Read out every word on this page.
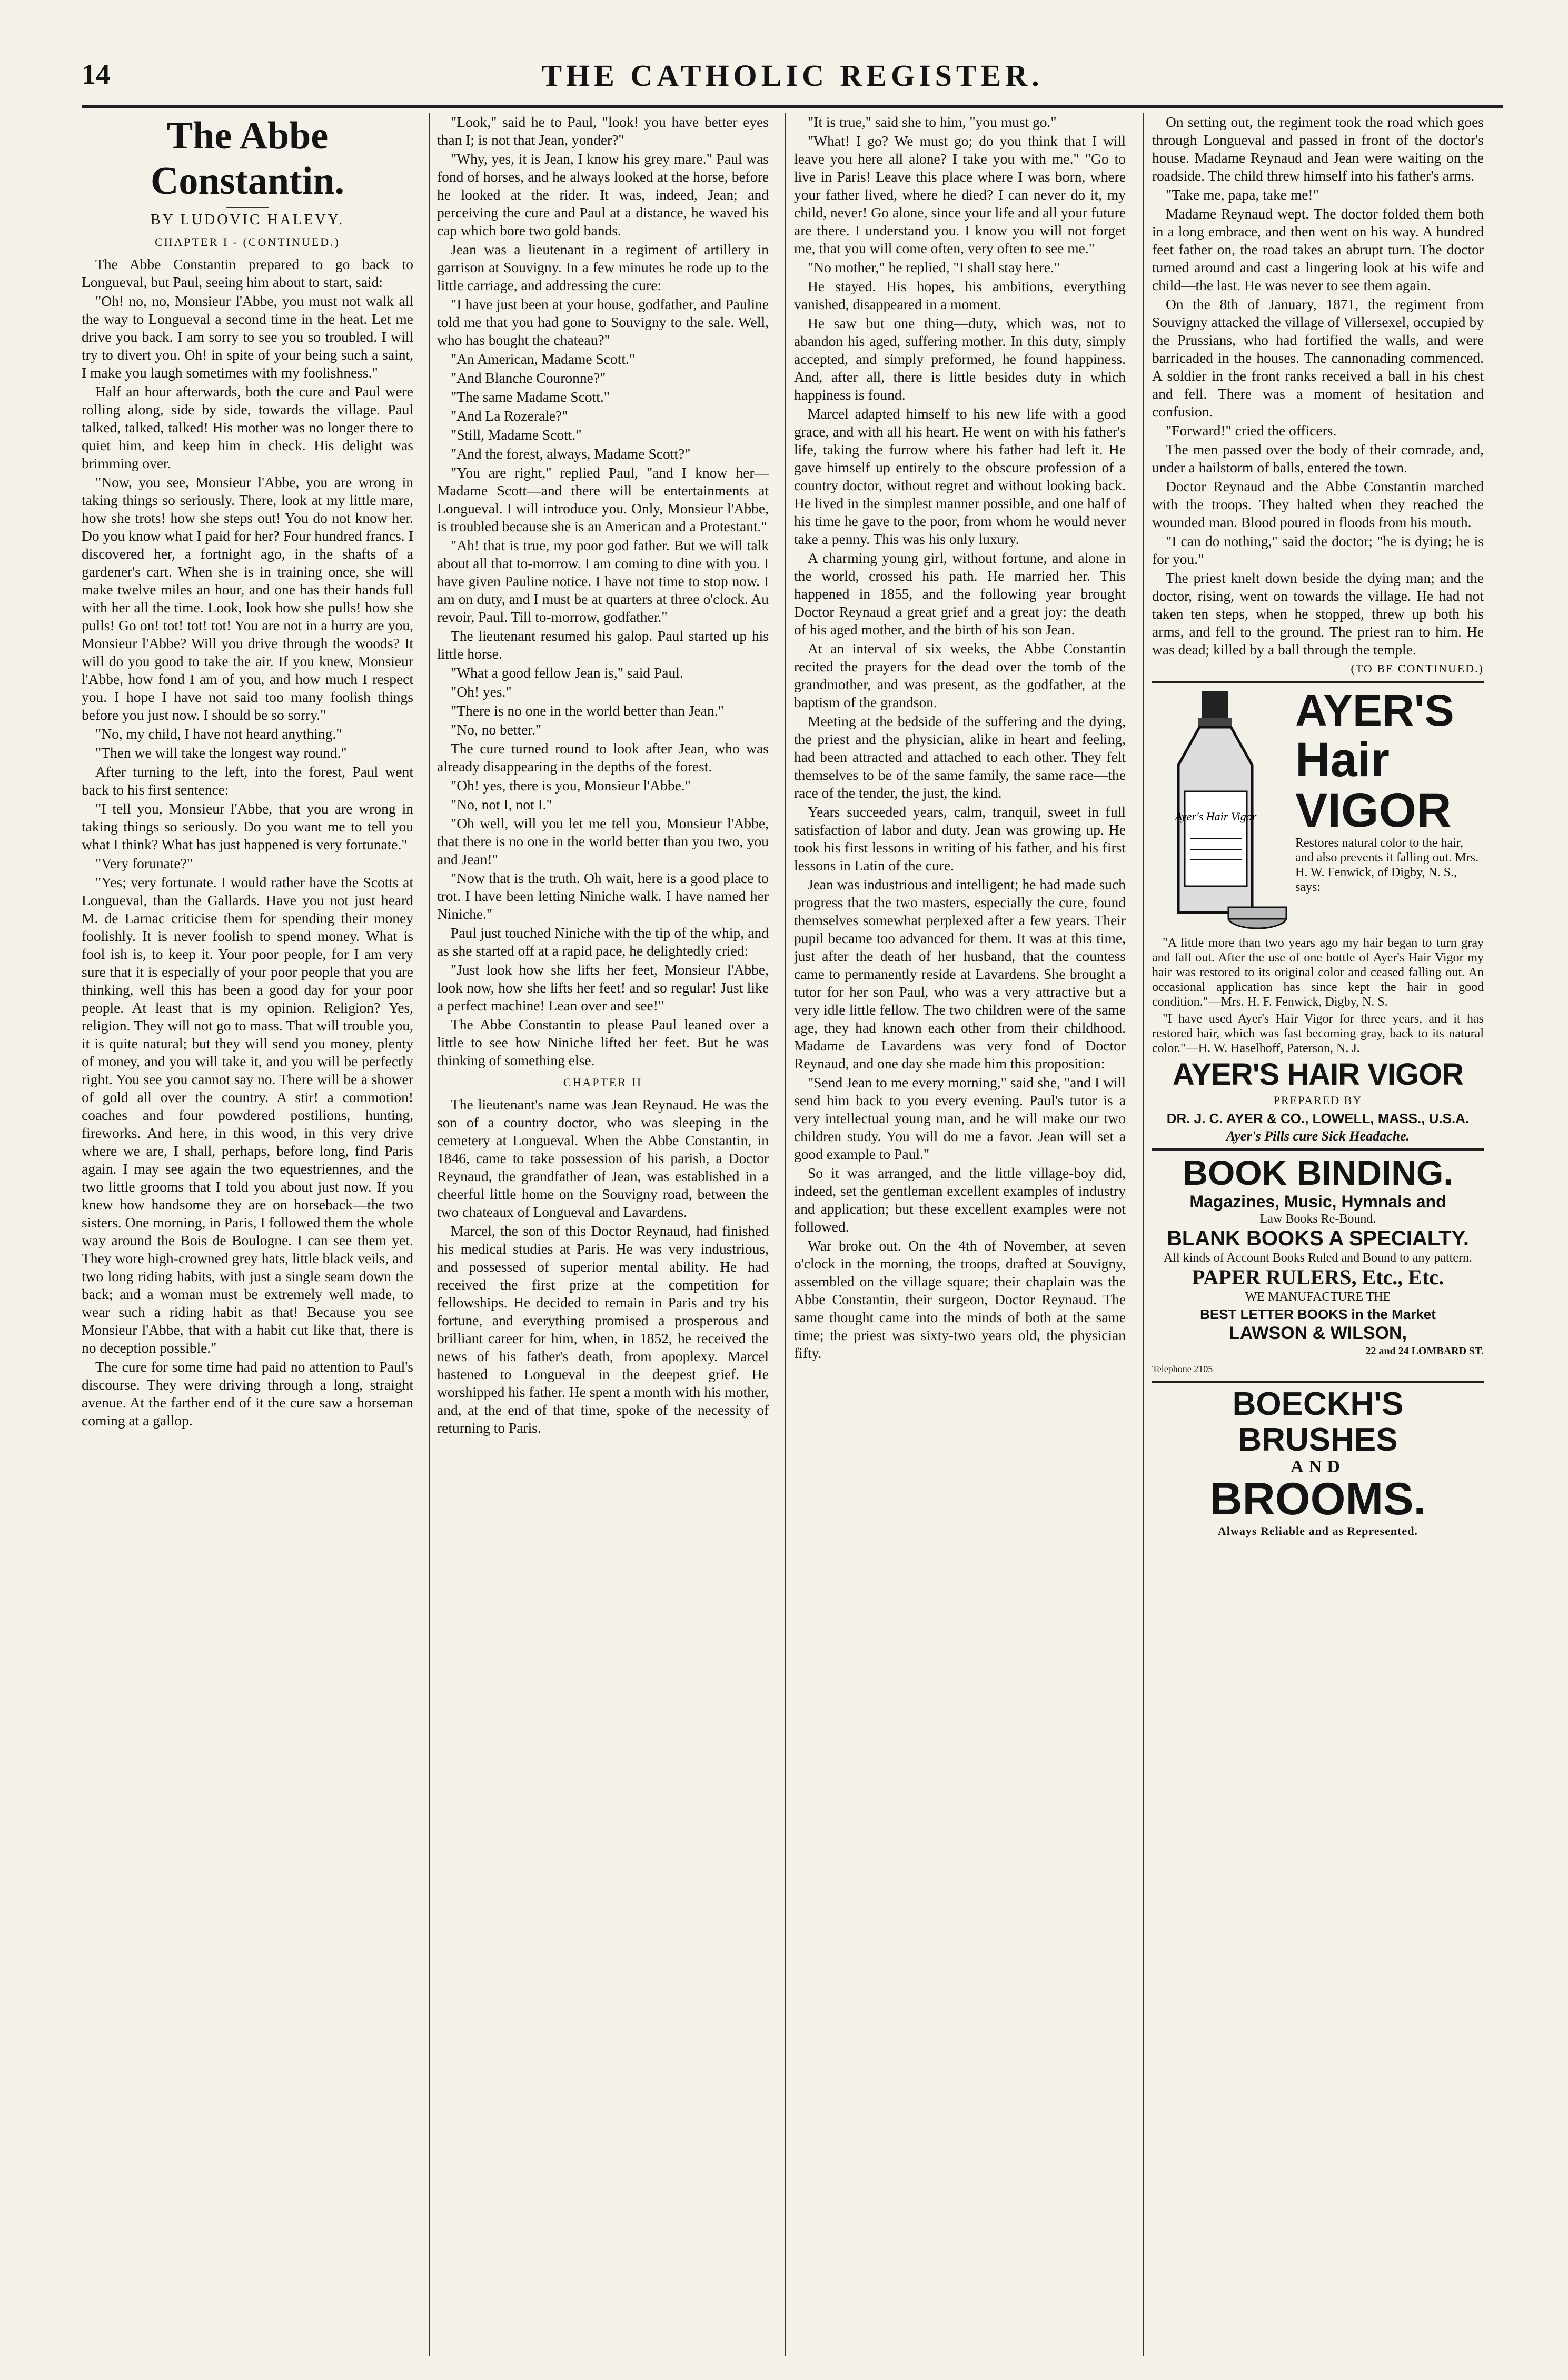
14	THE CATHOLIC REGISTER.
The Abbe Constantin.
BY LUDOVIC HALEVY.
CHAPTER I - (CONTINUED.)

The Abbe Constantin prepared to go back to Longueval, but Paul, seeing him about to start, said:

"Oh! no, no, Monsieur l'Abbe, you must not walk all the way to Longueval a second time in the heat. Let me drive you back. I am sorry to see you so troubled. I will try to divert you. Oh! in spite of your being such a saint, I make you laugh sometimes with my foolishness."

Half an hour afterwards, both the cure and Paul were rolling along, side by side, towards the village. Paul talked, talked, talked! His mother was no longer there to quiet him, and keep him in check. His delight was brimming over.

"Now, you see, Monsieur l'Abbe, you are wrong in taking things so seriously. There, look at my little mare, how she trots! how she steps out! You do not know her. Do you know what I paid for her? Four hundred francs. I discovered her, a fortnight ago, in the shafts of a gardener's cart. When she is in training once, she will make twelve miles an hour, and one has their hands full with her all the time. Look, look how she pulls! how she pulls! Go on! tot! tot! tot! You are not in a hurry are you, Monsieur l'Abbe? Will you drive through the woods? It will do you good to take the air. If you knew, Monsieur l'Abbe, how fond I am of you, and how much I respect you. I hope I have not said too many foolish things before you just now. I should be so sorry."

"No, my child, I have not heard anything."

"Then we will take the longest way round."

After turning to the left, into the forest, Paul went back to his first sentence:

"I tell you, Monsieur l'Abbe, that you are wrong in taking things so seriously. Do you want me to tell you what I think? What has just happened is very fortunate."

"Very forunate?"

"Yes; very fortunate. I would rather have the Scotts at Longueval, than the Gallards. Have you not just heard M. de Larnac criticise them for spending their money foolishly. It is never foolish to spend money. What is fool ish is, to keep it. Your poor people, for I am very sure that it is especially of your poor people that you are thinking, well this has been a good day for your poor people. At least that is my opinion. Religion? Yes, religion. They will not go to mass. That will trouble you, it is quite natural; but they will send you money, plenty of money, and you will take it, and you will be perfectly right. You see you cannot say no. There will be a shower of gold all over the country. A stir! a commotion! coaches and four powdered postilions, hunting, fireworks. And here, in this wood, in this very drive where we are, I shall, perhaps, before long, find Paris again. I may see again the two equestriennes, and the two little grooms that I told you about just now. If you knew how handsome they are on horseback—the two sisters. One morning, in Paris, I followed them the whole way around the Bois de Boulogne. I can see them yet. They wore high-crowned grey hats, little black veils, and two long riding habits, with just a single seam down the back; and a woman must be extremely well made, to wear such a riding habit as that! Because you see Monsieur l'Abbe, that with a habit cut like that, there is no deception possible."

The cure for some time had paid no attention to Paul's discourse. They were driving through a long, straight avenue. At the farther end of it the cure saw a horseman coming at a gallop.

"Look," said he to Paul, "look! you have better eyes than I; is not that Jean, yonder?"

"Why, yes, it is Jean, I know his grey mare." Paul was fond of horses, and he always looked at the horse, before he looked at the rider. It was, indeed, Jean; and perceiving the cure and Paul at a distance, he waved his cap which bore two gold bands.

Jean was a lieutenant in a regiment of artillery in garrison at Souvigny. In a few minutes he rode up to the little carriage, and addressing the cure:

"I have just been at your house, godfather, and Pauline told me that you had gone to Souvigny to the sale. Well, who has bought the chateau?"

"An American, Madame Scott."

"And Blanche Couronne?"

"The same Madame Scott."

"And La Rozerale?"

"Still, Madame Scott."

"And the forest, always, Madame Scott?"

"You are right," replied Paul, "and I know her—Madame Scott—and there will be entertainments at Longueval. I will introduce you. Only, Monsieur l'Abbe, is troubled because she is an American and a Protestant."

"Ah! that is true, my poor god father. But we will talk about all that to-morrow. I am coming to dine with you. I have given Pauline notice. I have not time to stop now. I am on duty, and I must be at quarters at three o'clock. Au revoir, Paul. Till to-morrow, godfather."

The lieutenant resumed his galop. Paul started up his little horse.

"What a good fellow Jean is," said Paul.

"Oh! yes."

"There is no one in the world better than Jean."

"No, no better."

The cure turned round to look after Jean, who was already disappearing in the depths of the forest.

"Oh! yes, there is you, Monsieur l'Abbe."

"No, not I, not I."

"Oh well, will you let me tell you, Monsieur l'Abbe, that there is no one in the world better than you two, you and Jean!"

"Now that is the truth. Oh wait, here is a good place to trot. I have been letting Niniche walk. I have named her Niniche."

Paul just touched Niniche with the tip of the whip, and as she started off at a rapid pace, he delightedly cried:

"Just look how she lifts her feet, Monsieur l'Abbe, look now, how she lifts her feet! and so regular! Just like a perfect machine! Lean over and see!"

The Abbe Constantin to please Paul leaned over a little to see how Niniche lifted her feet. But he was thinking of something else.

CHAPTER II

The lieutenant's name was Jean Reynaud. He was the son of a country doctor, who was sleeping in the cemetery at Longueval. When the Abbe Constantin, in 1846, came to take possession of his parish, a Doctor Reynaud, the grandfather of Jean, was established in a cheerful little home on the Souvigny road, between the two chateaux of Longueval and Lavardens.

Marcel, the son of this Doctor Reynaud, had finished his medical studies at Paris. He was very industrious, and possessed of superior mental ability. He had received the first prize at the competition for fellowships. He decided to remain in Paris and try his fortune, and everything promised a prosperous and brilliant career for him, when, in 1852, he received the news of his father's death, from apoplexy. Marcel hastened to Longueval in the deepest grief. He worshipped his father. He spent a month with his mother, and, at the end of that time, spoke of the necessity of returning to Paris.

"It is true," said she to him, "you must go."

"What! I go? We must go; do you think that I will leave you here all alone? I take you with me." "Go to live in Paris! Leave this place where I was born, where your father lived, where he died? I can never do it, my child, never! Go alone, since your life and all your future are there. I understand you. I know you will not forget me, that you will come often, very often to see me."

"No mother," he replied, "I shall stay here."

He stayed. His hopes, his ambitions, everything vanished, disappeared in a moment.

He saw but one thing—duty, which was, not to abandon his aged, suffering mother. In this duty, simply accepted, and simply preformed, he found happiness. And, after all, there is little besides duty in which happiness is found.

Marcel adapted himself to his new life with a good grace, and with all his heart. He went on with his father's life, taking the furrow where his father had left it. He gave himself up entirely to the obscure profession of a country doctor, without regret and without looking back. He lived in the simplest manner possible, and one half of his time he gave to the poor, from whom he would never take a penny. This was his only luxury.

A charming young girl, without fortune, and alone in the world, crossed his path. He married her. This happened in 1855, and the following year brought Doctor Reynaud a great grief and a great joy: the death of his aged mother, and the birth of his son Jean.

At an interval of six weeks, the Abbe Constantin recited the prayers for the dead over the tomb of the grandmother, and was present, as the godfather, at the baptism of the grandson.

Meeting at the bedside of the suffering and the dying, the priest and the physician, alike in heart and feeling, had been attracted and attached to each other. They felt themselves to be of the same family, the same race—the race of the tender, the just, the kind.

Years succeeded years, calm, tranquil, sweet in full satisfaction of labor and duty. Jean was growing up. He took his first lessons in writing of his father, and his first lessons in Latin of the cure.

Jean was industrious and intelligent; he had made such progress that the two masters, especially the cure, found themselves somewhat perplexed after a few years. Their pupil became too advanced for them. It was at this time, just after the death of her husband, that the countess came to permanently reside at Lavardens. She brought a tutor for her son Paul, who was a very attractive but a very idle little fellow. The two children were of the same age, they had known each other from their childhood. Madame de Lavardens was very fond of Doctor Reynaud, and one day she made him this proposition:

"Send Jean to me every morning," said she, "and I will send him back to you every evening. Paul's tutor is a very intellectual young man, and he will make our two children study. You will do me a favor. Jean will set a good example to Paul."

So it was arranged, and the little village-boy did, indeed, set the gentleman excellent examples of industry and application; but these excellent examples were not followed.

War broke out. On the 4th of November, at seven o'clock in the morning, the troops, drafted at Souvigny, assembled on the village square; their chaplain was the Abbe Constantin, their surgeon, Doctor Reynaud. The same thought came into the minds of both at the same time; the priest was sixty-two years old, the physician fifty.

On setting out, the regiment took the road which goes through Longueval and passed in front of the doctor's house. Madame Reynaud and Jean were waiting on the roadside. The child threw himself into his father's arms.

"Take me, papa, take me!"

Madame Reynaud wept. The doctor folded them both in a long embrace, and then went on his way. A hundred feet father on, the road takes an abrupt turn. The doctor turned around and cast a lingering look at his wife and child—the last. He was never to see them again.

On the 8th of January, 1871, the regiment from Souvigny attacked the village of Villersexel, occupied by the Prussians, who had fortified the walls, and were barricaded in the houses. The cannonading commenced. A soldier in the front ranks received a ball in his chest and fell. There was a moment of hesitation and confusion.

"Forward!" cried the officers.

The men passed over the body of their comrade, and, under a hailstorm of balls, entered the town.

Doctor Reynaud and the Abbe Constantin marched with the troops. They halted when they reached the wounded man. Blood poured in floods from his mouth.

"I can do nothing," said the doctor; "he is dying; he is for you."

The priest knelt down beside the dying man; and the doctor, rising, went on towards the village. He had not taken ten steps, when he stopped, threw up both his arms, and fell to the ground. The priest ran to him. He was dead; killed by a ball through the temple.

(TO BE CONTINUED.)
Ayer's Hair Vigor
AYER'S
Hair
VIGOR
Restores natural color to the hair, and also prevents it falling out. Mrs. H. W. Fenwick, of Digby, N. S., says:
"A little more than two years ago my hair began to turn gray and fall out. After the use of one bottle of Ayer's Hair Vigor my hair was restored to its original color and ceased falling out. An occasional application has since kept the hair in good condition."—Mrs. H. F. Fenwick, Digby, N. S.
"I have used Ayer's Hair Vigor for three years, and it has restored hair, which was fast becoming gray, back to its natural color."—H. W. Haselhoff, Paterson, N. J.
AYER'S HAIR VIGOR
PREPARED BY
DR. J. C. AYER & CO., LOWELL, MASS., U.S.A.
Ayer's Pills cure Sick Headache.
BOOK BINDING.
Magazines, Music, Hymnals and
Law Books Re-Bound.
BLANK BOOKS A SPECIALTY.
All kinds of Account Books Ruled and Bound to any pattern.
PAPER RULERS, Etc., Etc.
WE MANUFACTURE THE
BEST LETTER BOOKS in the Market
LAWSON & WILSON,
22 and 24 LOMBARD ST.
Telephone 2105
BOECKH'S BRUSHES
AND
BROOMS.
Always Reliable and as Represented.
